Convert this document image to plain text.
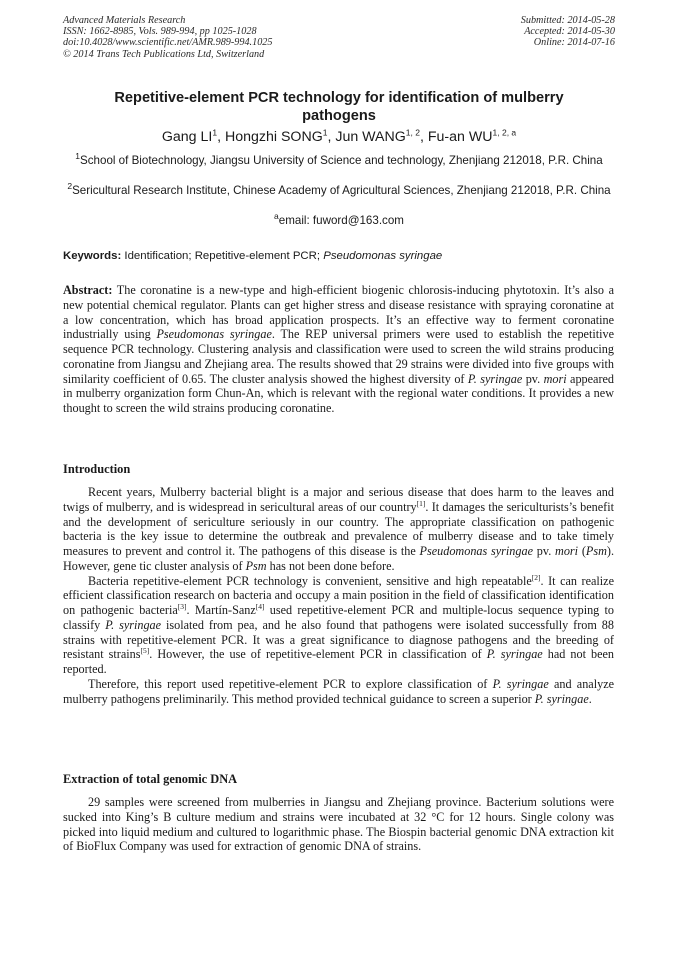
Advanced Materials Research
ISSN: 1662-8985, Vols. 989-994, pp 1025-1028
doi:10.4028/www.scientific.net/AMR.989-994.1025
© 2014 Trans Tech Publications Ltd, Switzerland
Submitted: 2014-05-28
Accepted: 2014-05-30
Online: 2014-07-16
Repetitive-element PCR technology for identification of mulberry pathogens
Gang $LI^1$, Hongzhi SONG$^1$, Jun WANG$^{1, 2}$, Fu-an WU$^{1, 2, a}$
$^1$School of Biotechnology, Jiangsu University of Science and technology, Zhenjiang 212018, P.R. China
$^2$Sericultural Research Institute, Chinese Academy of Agricultural Sciences, Zhenjiang 212018, P.R. China
$^a$email: fuword@163.com
Keywords: Identification; Repetitive-element PCR; Pseudomonas syringae

Abstract: The coronatine is a new-type and high-efficient biogenic chlorosis-inducing phytotoxin. It’s also a new potential chemical regulator. Plants can get higher stress and disease resistance with spraying coronatine at a low concentration, which has broad application prospects. It’s an effective way to ferment coronatine industrially using Pseudomonas syringae. The REP universal primers were used to establish the repetitive sequence PCR technology. Clustering analysis and classification were used to screen the wild strains producing coronatine from Jiangsu and Zhejiang area. The results showed that 29 strains were divided into five groups with similarity coefficient of 0.65. The cluster analysis showed the highest diversity of P. syringae pv. mori appeared in mulberry organization form Chun-An, which is relevant with the regional water conditions. It provides a new thought to screen the wild strains producing coronatine.

Introduction

Recent years, Mulberry bacterial blight is a major and serious disease that does harm to the leaves and twigs of mulberry, and is widespread in sericultural areas of our country[1]. It damages the sericulturists’s benefit and the development of sericulture seriously in our country. The appropriate classification on pathogenic bacteria is the key issue to determine the outbreak and prevalence of mulberry disease and to take timely measures to prevent and control it. The pathogens of this disease is the Pseudomonas syringae pv. mori (Psm). However, gene tic cluster analysis of Psm has not been done before.

Bacteria repetitive-element PCR technology is convenient, sensitive and high repeatable[2]. It can realize efficient classification research on bacteria and occupy a main position in the field of classification identification on pathogenic bacteria[3]. Martín-Sanz[4] used repetitive-element PCR and multiple-locus sequence typing to classify P. syringae isolated from pea, and he also found that pathogens were isolated successfully from 88 strains with repetitive-element PCR. It was a great significance to diagnose pathogens and the breeding of resistant strains[5]. However, the use of repetitive-element PCR in classification of P. syringae had not been reported.

Therefore, this report used repetitive-element PCR to explore classification of P. syringae and analyze mulberry pathogens preliminarily. This method provided technical guidance to screen a superior P. syringae.

Extraction of total genomic DNA

29 samples were screened from mulberries in Jiangsu and Zhejiang province. Bacterium solutions were sucked into King’s B culture medium and strains were incubated at 32 °C for 12 hours. Single colony was picked into liquid medium and cultured to logarithmic phase. The Biospin bacterial genomic DNA extraction kit of BioFlux Company was used for extraction of genomic DNA of strains.
